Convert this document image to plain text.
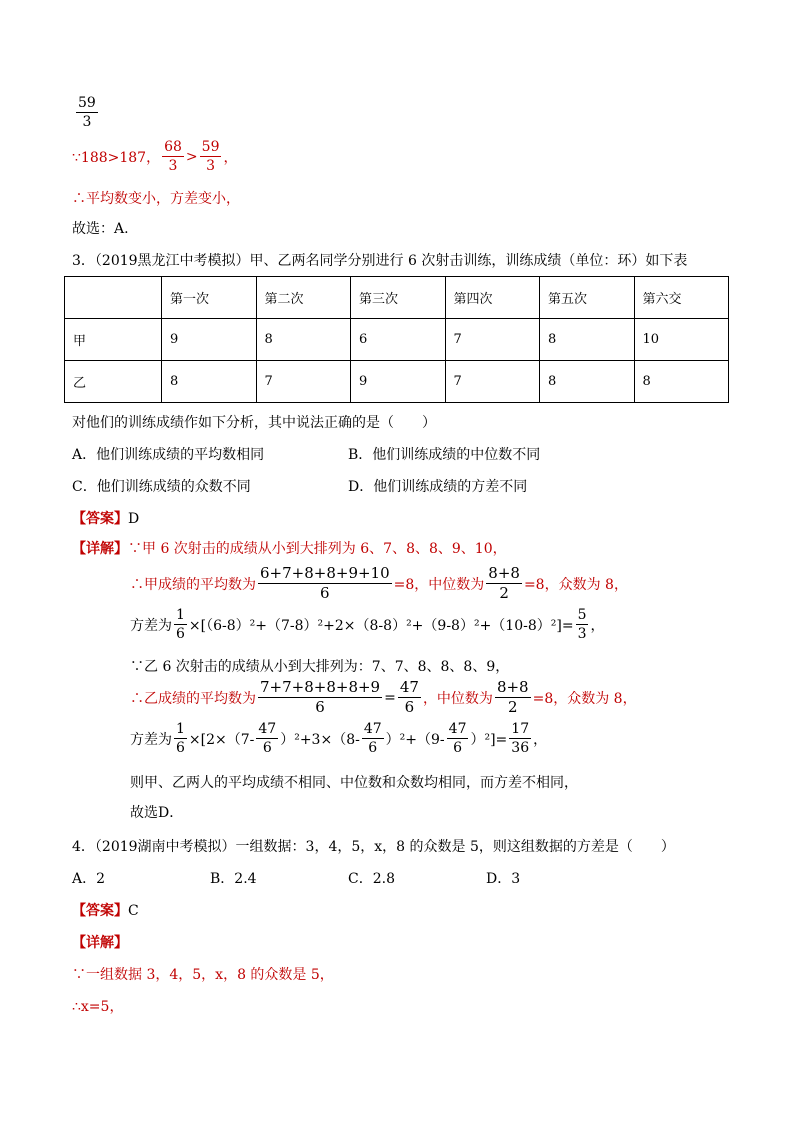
$\frac{59}{3}$
∵188>187， $\frac{68}{3} > \frac{59}{3}$ ，
∴平均数变小，方差变小，
故选：A.
3．（2019黑龙江中考模拟）甲、乙两名同学分别进行 6 次射击训练，训练成绩（单位：环）如下表
	第一次	第二次	第三次	第四次	第五次	第六交
甲	9	8	6	7	8	10
乙	8	7	9	7	8	8
对他们的训练成绩作如下分析，其中说法正确的是（　　）
A．他们训练成绩的平均数相同	B．他们训练成绩的中位数不同
C．他们训练成绩的众数不同	D．他们训练成绩的方差不同
【答案】D
【详解】∵甲 6 次射击的成绩从小到大排列为 6、7、8、8、9、10，
∴甲成绩的平均数为 $\frac{6+7+8+8+9+10}{6} =8$，中位数为 $\frac{8+8}{2} =8$，众数为 8，
方差为 $\frac{1}{6} \times[(6-8)^2+(7-8)^2+2\times(8-8)^2+(9-8)^2+(10-8)^2]= \frac{5}{3}$ ，
∵乙 6 次射击的成绩从小到大排列为：7、7、8、8、8、9，
∴乙成绩的平均数为 $\frac{7+7+8+8+8+9}{6} = \frac{47}{6}$ ，中位数为 $\frac{8+8}{2} =8$，众数为 8，
方差为 $\frac{1}{6} \times[2\times(7- \frac{47}{6} )^2+3\times(8- \frac{47}{6} )^2+(9- \frac{47}{6} )^2]= \frac{17}{36}$ ，
则甲、乙两人的平均成绩不相同、中位数和众数均相同，而方差不相同，
故选D．
4．（2019湖南中考模拟）一组数据：3，4，5，x，8 的众数是 5，则这组数据的方差是（　　）
A．2	B．2.4	C．2.8	D．3
【答案】C
【详解】
∵一组数据 3，4，5，x，8 的众数是 5，
∴x=5，
